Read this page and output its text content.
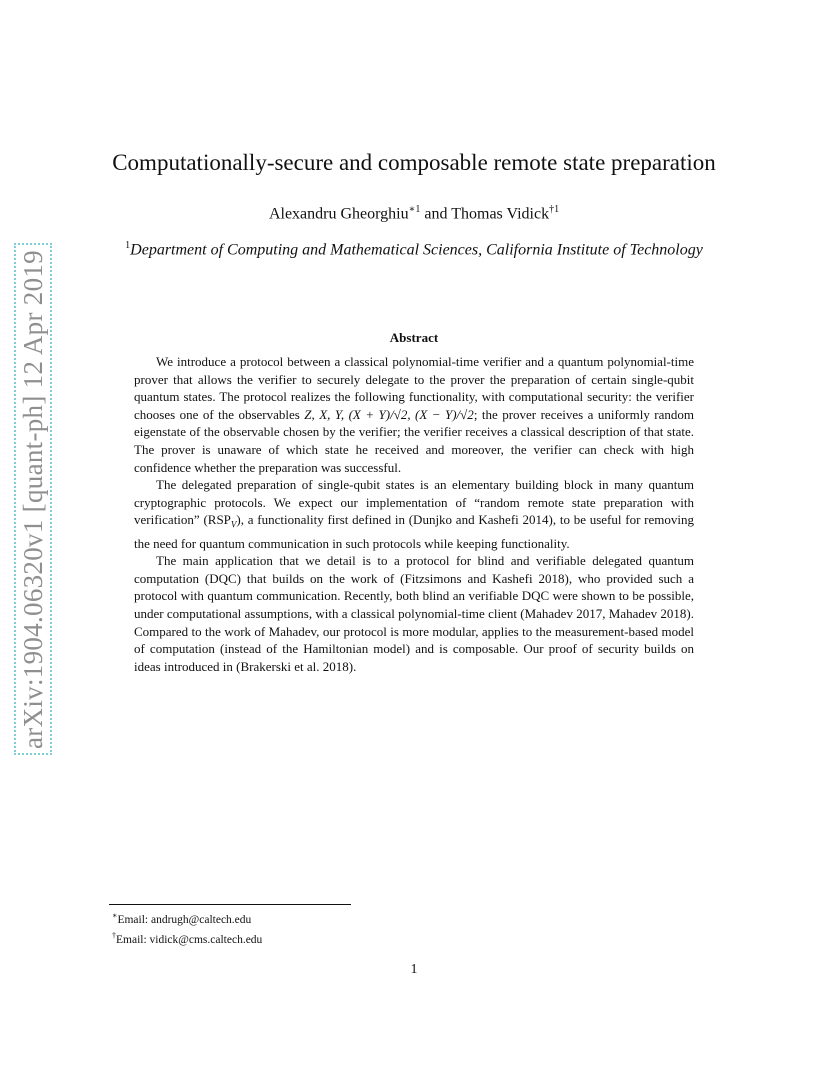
arXiv:1904.06320v1 [quant-ph] 12 Apr 2019
Computationally-secure and composable remote state preparation
Alexandru Gheorghiu$^{∗1}$ and Thomas Vidick$^{\dagger 1}$
$^1$Department of Computing and Mathematical Sciences, California Institute of Technology
Abstract

We introduce a protocol between a classical polynomial-time verifier and a quantum polynomial-time prover that allows the verifier to securely delegate to the prover the preparation of certain single-qubit quantum states. The protocol realizes the following functionality, with computational security: the verifier chooses one of the observables Z, X, Y, (X + Y)/√2, (X − Y)/√2; the prover receives a uniformly random eigenstate of the observable chosen by the verifier; the verifier receives a classical description of that state. The prover is unaware of which state he received and moreover, the verifier can check with high confidence whether the preparation was successful.

The delegated preparation of single-qubit states is an elementary building block in many quantum cryptographic protocols. We expect our implementation of “random remote state preparation with verification” $(RSP_V)$, a functionality first defined in (Dunjko and Kashefi 2014), to be useful for removing the need for quantum communication in such protocols while keeping functionality.

The main application that we detail is to a protocol for blind and verifiable delegated quantum computation (DQC) that builds on the work of (Fitzsimons and Kashefi 2018), who provided such a protocol with quantum communication. Recently, both blind an verifiable DQC were shown to be possible, under computational assumptions, with a classical polynomial-time client (Mahadev 2017, Mahadev 2018). Compared to the work of Mahadev, our protocol is more modular, applies to the measurement-based model of computation (instead of the Hamiltonian model) and is composable. Our proof of security builds on ideas introduced in (Brakerski et al. 2018).

∗Email: andrugh@caltech.edu
†Email: vidick@cms.caltech.edu
1
